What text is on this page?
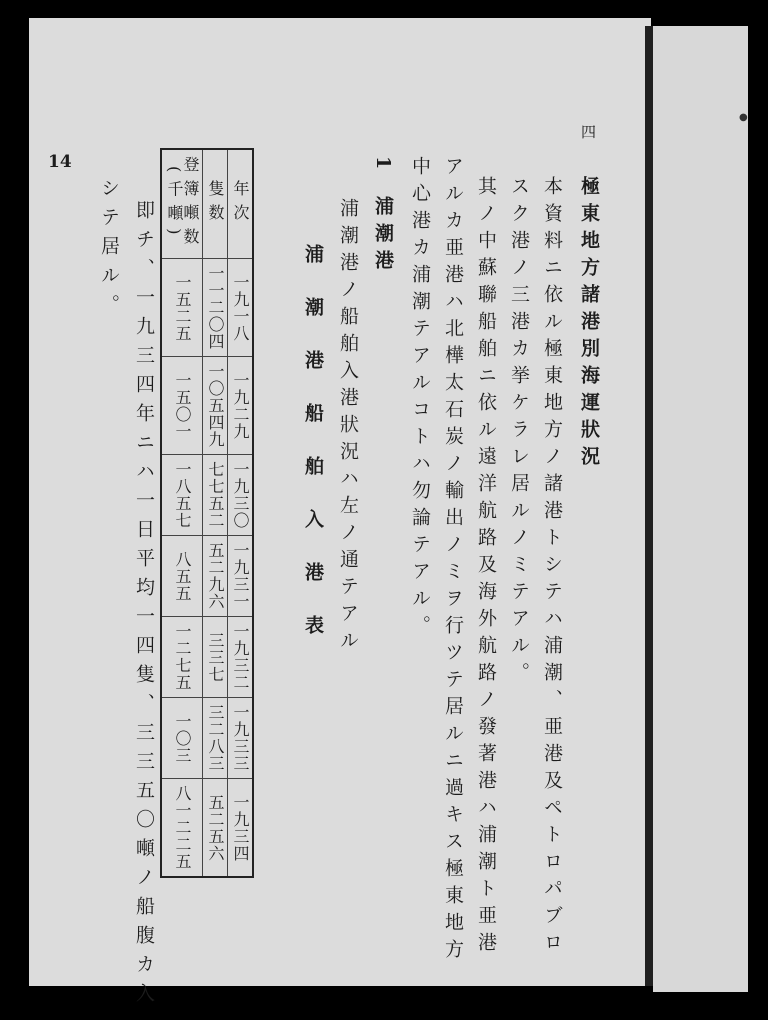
●
14
四
極東地方諸港別海運狀況
本資料ニ依ル極東地方ノ諸港トシテハ浦潮、亜港及ペトロパブロ
スク港ノ三港カ挙ケラレ居ルノミテアル。
其ノ中蘇聯船舶ニ依ル遠洋航路及海外航路ノ發著港ハ浦潮ト亜港
アルカ亜港ハ北樺太石炭ノ輸出ノミヲ行ツテ居ルニ過キス極東地方
中心港カ浦潮テアルコトハ勿論テアル。
1
浦潮港
浦潮港ノ船舶入港狀況ハ左ノ通テアル
浦潮港船舶入港表
年次	一九一八	一九二九	一九三〇	一九三一	一九三二	一九三三	一九三四
隻数	一一二〇四	一〇五四九	七七五二	五二九六	三三七	三二八三	五二五六
登簿噸数
(千噸)	一五二五	一五〇一	一八五七	八五五	一二七五	一〇三	八一二二五
即チ、一九三四年ニハ一日平均一四隻、三三五〇噸ノ船腹カ入
シテ居ル。
